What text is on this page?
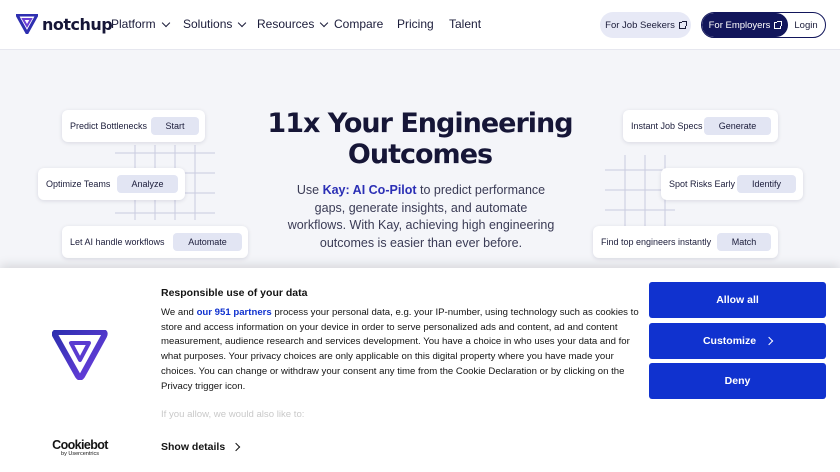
notchup
Platform Solutions Resources Compare Pricing Talent	For Job Seekers	For Employers	Login
11x Your Engineering
Outcomes
Use Kay: AI Co-Pilot to predict performance gaps, generate insights, and automate workflows. With Kay, achieving high engineering outcomes is easier than ever before.
Predict Bottlenecks	Start
Optimize Teams	Analyze
Let AI handle workflows	Automate
Instant Job Specs	Generate
Spot Risks Early	Identify
Find top engineers instantly	Match
Cookiebot
by Usercentrics
Responsible use of your data
We and our 951 partners process your personal data, e.g. your IP-number, using technology such as cookies to store and access information on your device in order to serve personalized ads and content, ad and content measurement, audience research and services development. You have a choice in who uses your data and for what purposes. Your privacy choices are only applicable on this digital property where you have made your choices. You can change or withdraw your consent any time from the Cookie Declaration or by clicking on the Privacy trigger icon.
If you allow, we would also like to:
Show details
Allow all
Customize
Deny
